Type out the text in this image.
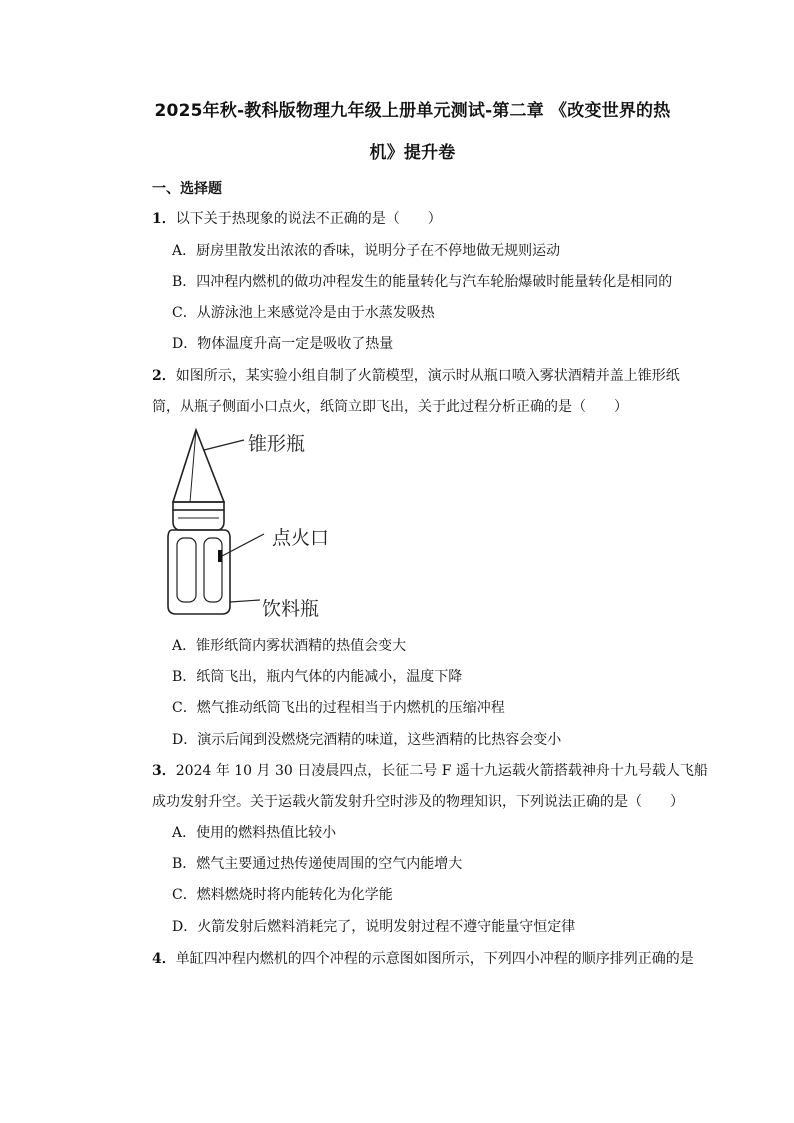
2025年秋-教科版物理九年级上册单元测试-第二章 《改变世界的热
机》提升卷
一、选择题
1．以下关于热现象的说法不正确的是（　　）
A．厨房里散发出浓浓的香味，说明分子在不停地做无规则运动
B．四冲程内燃机的做功冲程发生的能量转化与汽车轮胎爆破时能量转化是相同的
C．从游泳池上来感觉冷是由于水蒸发吸热
D．物体温度升高一定是吸收了热量
2．如图所示，某实验小组自制了火箭模型，演示时从瓶口喷入雾状酒精并盖上锥形纸
筒，从瓶子侧面小口点火，纸筒立即飞出，关于此过程分析正确的是（　　）
锥形瓶
点火口
饮料瓶
A．锥形纸筒内雾状酒精的热值会变大
B．纸筒飞出，瓶内气体的内能减小，温度下降
C．燃气推动纸筒飞出的过程相当于内燃机的压缩冲程
D．演示后闻到没燃烧完酒精的味道，这些酒精的比热容会变小
3．2024 年 10 月 30 日凌晨四点，长征二号 F 遥十九运载火箭搭载神舟十九号载人飞船
成功发射升空。关于运载火箭发射升空时涉及的物理知识，下列说法正确的是（　　）
A．使用的燃料热值比较小
B．燃气主要通过热传递使周围的空气内能增大
C．燃料燃烧时将内能转化为化学能
D．火箭发射后燃料消耗完了，说明发射过程不遵守能量守恒定律
4．单缸四冲程内燃机的四个冲程的示意图如图所示，下列四小冲程的顺序排列正确的是
